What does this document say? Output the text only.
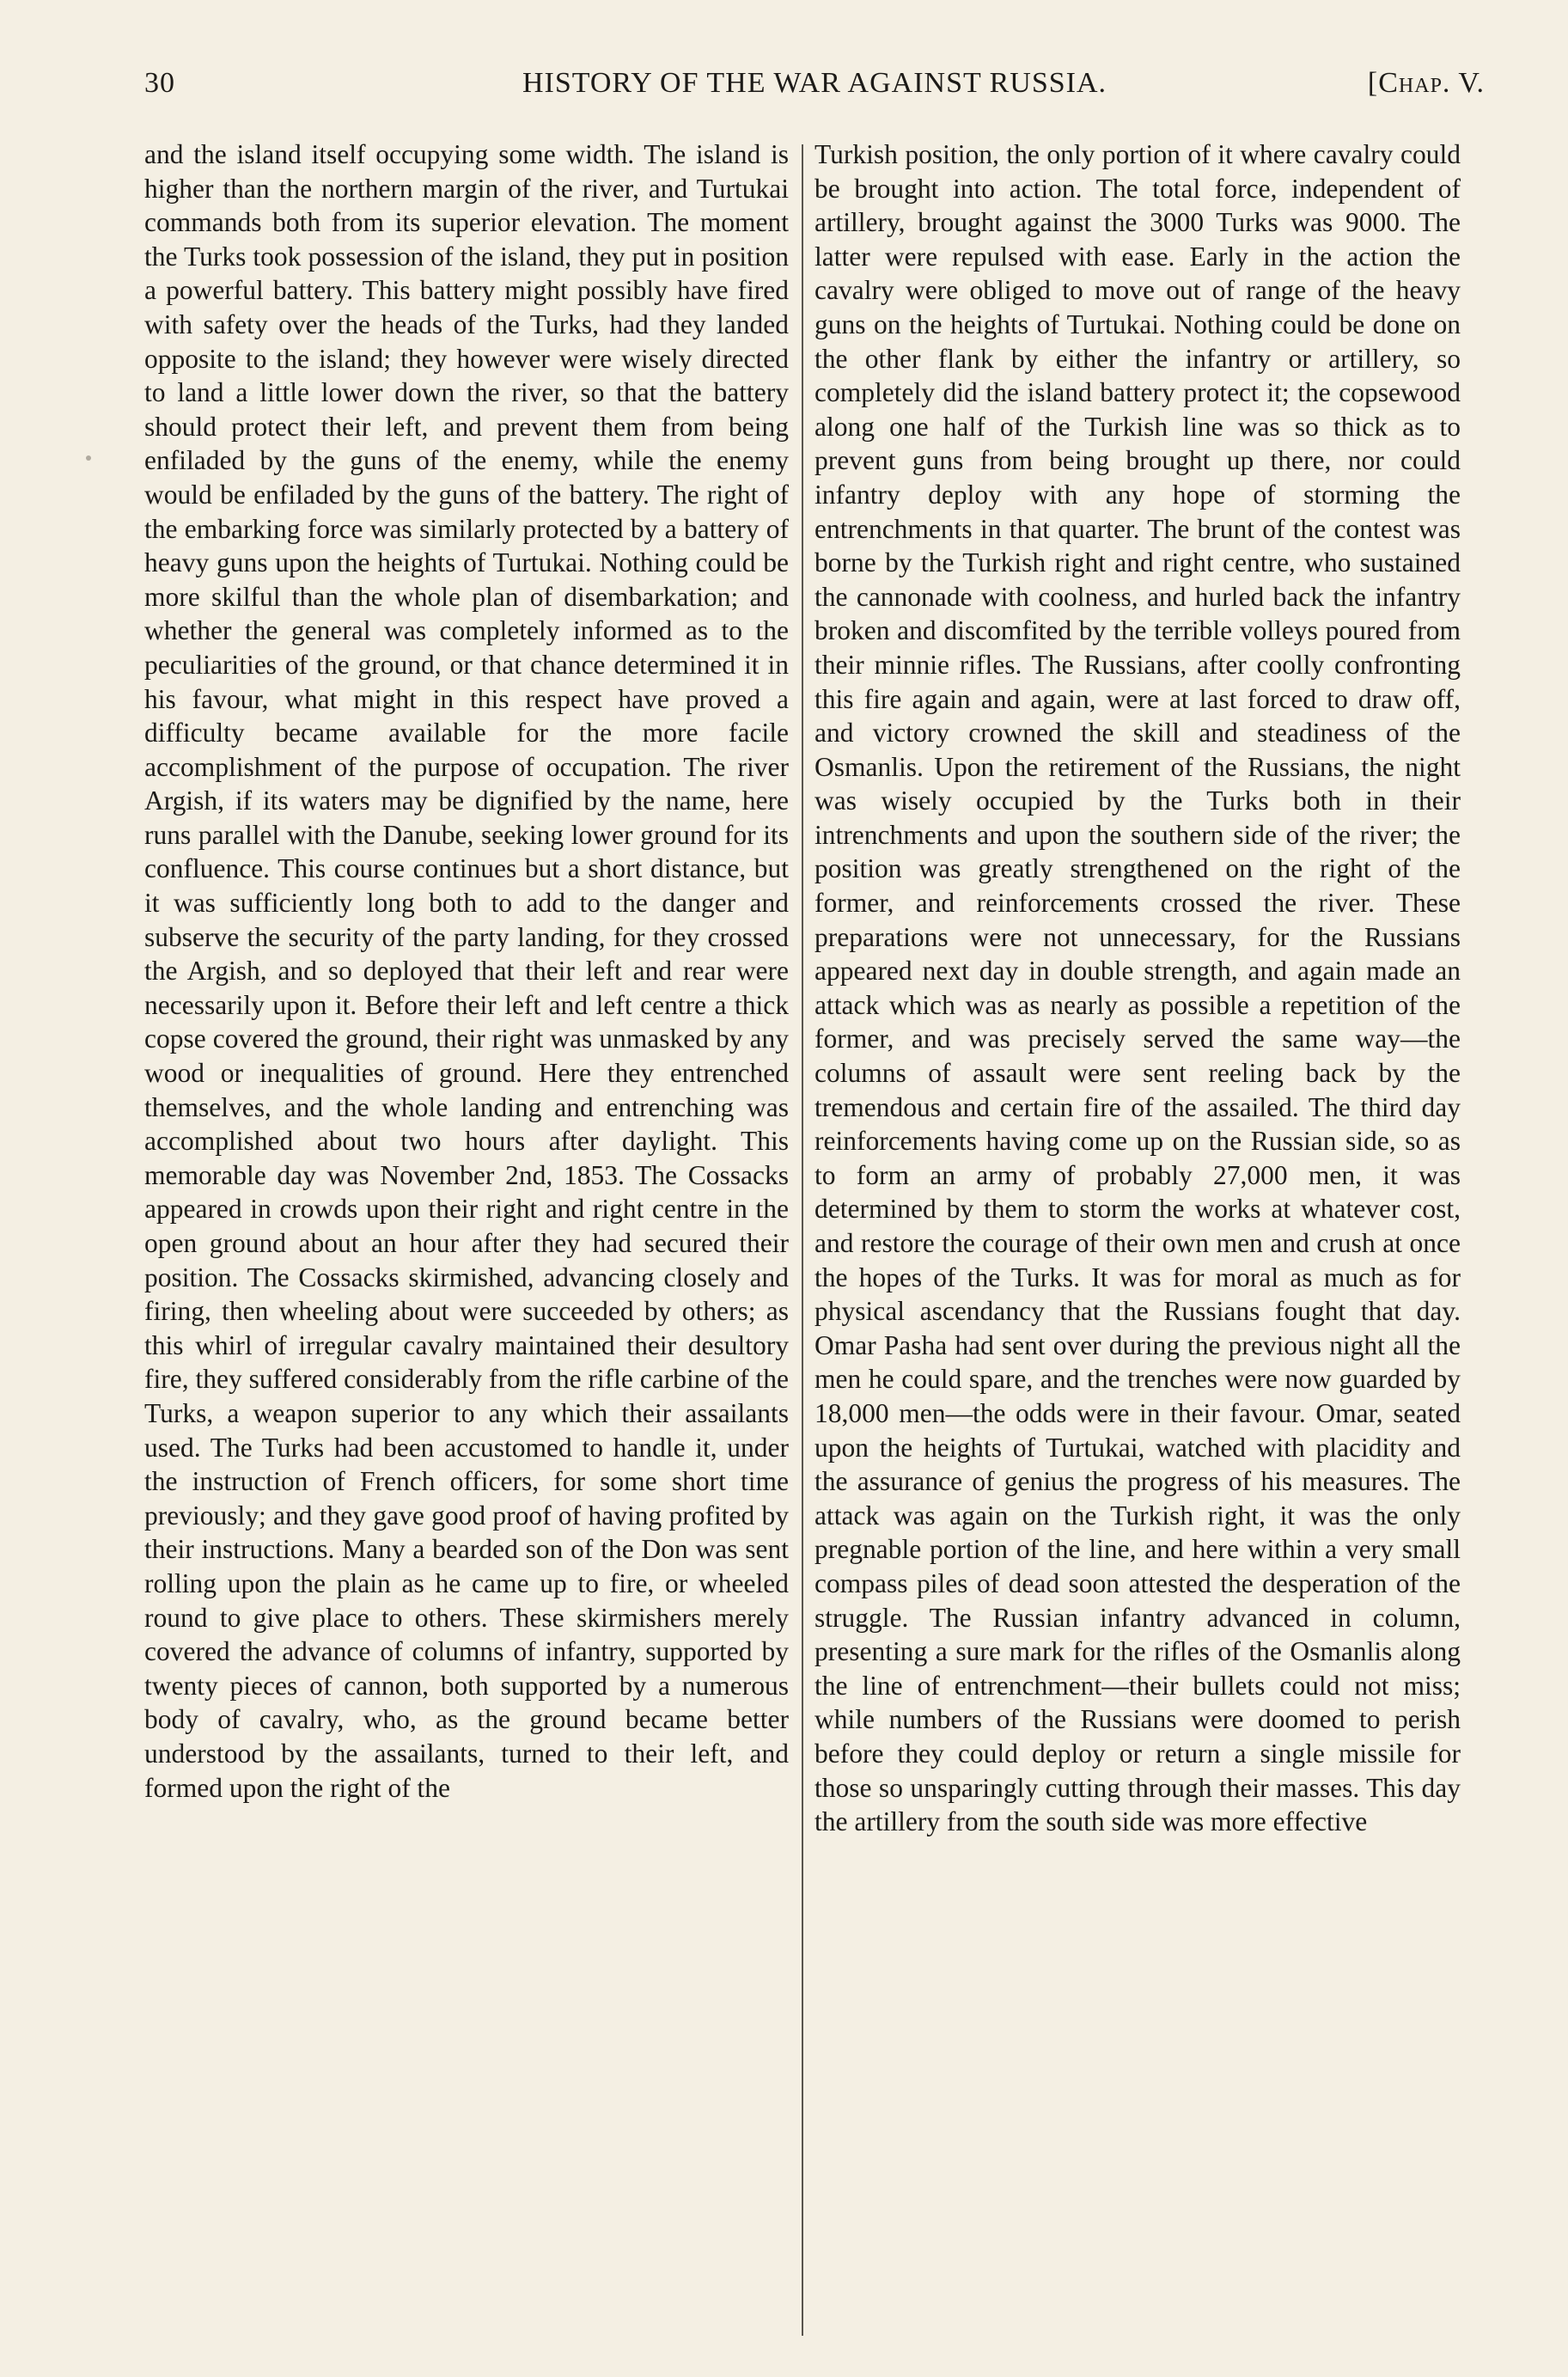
30	HISTORY OF THE WAR AGAINST RUSSIA.	[Chap. V.

and the island itself occupying some width. The island is higher than the northern margin of the river, and Turtukai commands both from its superior elevation. The moment the Turks took possession of the island, they put in position a powerful battery. This battery might possibly have fired with safety over the heads of the Turks, had they landed opposite to the island; they however were wisely directed to land a little lower down the river, so that the battery should protect their left, and prevent them from being enfiladed by the guns of the enemy, while the enemy would be enfiladed by the guns of the battery. The right of the embarking force was similarly protected by a battery of heavy guns upon the heights of Turtukai. Nothing could be more skilful than the whole plan of disembarkation; and whether the general was completely informed as to the peculiarities of the ground, or that chance determined it in his favour, what might in this respect have proved a difficulty became available for the more facile accomplishment of the purpose of occupation. The river Argish, if its waters may be dignified by the name, here runs parallel with the Danube, seeking lower ground for its confluence. This course continues but a short distance, but it was sufficiently long both to add to the danger and subserve the security of the party landing, for they crossed the Argish, and so deployed that their left and rear were necessarily upon it. Before their left and left centre a thick copse covered the ground, their right was unmasked by any wood or inequalities of ground. Here they entrenched themselves, and the whole landing and entrenching was accomplished about two hours after daylight. This memorable day was November 2nd, 1853. The Cossacks appeared in crowds upon their right and right centre in the open ground about an hour after they had secured their position. The Cossacks skirmished, advancing closely and firing, then wheeling about were succeeded by others; as this whirl of irregular cavalry maintained their desultory fire, they suffered considerably from the rifle carbine of the Turks, a weapon superior to any which their assailants used. The Turks had been accustomed to handle it, under the instruction of French officers, for some short time previously; and they gave good proof of having profited by their instructions. Many a bearded son of the Don was sent rolling upon the plain as he came up to fire, or wheeled round to give place to others. These skirmishers merely covered the advance of columns of infantry, supported by twenty pieces of cannon, both supported by a numerous body of cavalry, who, as the ground became better understood by the assailants, turned to their left, and formed upon the right of the

Turkish position, the only portion of it where cavalry could be brought into action. The total force, independent of artillery, brought against the 3000 Turks was 9000. The latter were repulsed with ease. Early in the action the cavalry were obliged to move out of range of the heavy guns on the heights of Turtukai. Nothing could be done on the other flank by either the infantry or artillery, so completely did the island battery protect it; the copsewood along one half of the Turkish line was so thick as to prevent guns from being brought up there, nor could infantry deploy with any hope of storming the entrenchments in that quarter. The brunt of the contest was borne by the Turkish right and right centre, who sustained the cannonade with coolness, and hurled back the infantry broken and discomfited by the terrible volleys poured from their minnie rifles. The Russians, after coolly confronting this fire again and again, were at last forced to draw off, and victory crowned the skill and steadiness of the Osmanlis. Upon the retirement of the Russians, the night was wisely occupied by the Turks both in their intrenchments and upon the southern side of the river; the position was greatly strengthened on the right of the former, and reinforcements crossed the river. These preparations were not unnecessary, for the Russians appeared next day in double strength, and again made an attack which was as nearly as possible a repetition of the former, and was precisely served the same way—the columns of assault were sent reeling back by the tremendous and certain fire of the assailed. The third day reinforcements having come up on the Russian side, so as to form an army of probably 27,000 men, it was determined by them to storm the works at whatever cost, and restore the courage of their own men and crush at once the hopes of the Turks. It was for moral as much as for physical ascendancy that the Russians fought that day. Omar Pasha had sent over during the previous night all the men he could spare, and the trenches were now guarded by 18,000 men—the odds were in their favour. Omar, seated upon the heights of Turtukai, watched with placidity and the assurance of genius the progress of his measures. The attack was again on the Turkish right, it was the only pregnable portion of the line, and here within a very small compass piles of dead soon attested the desperation of the struggle. The Russian infantry advanced in column, presenting a sure mark for the rifles of the Osmanlis along the line of entrenchment—their bullets could not miss; while numbers of the Russians were doomed to perish before they could deploy or return a single missile for those so unsparingly cutting through their masses. This day the artillery from the south side was more effective
